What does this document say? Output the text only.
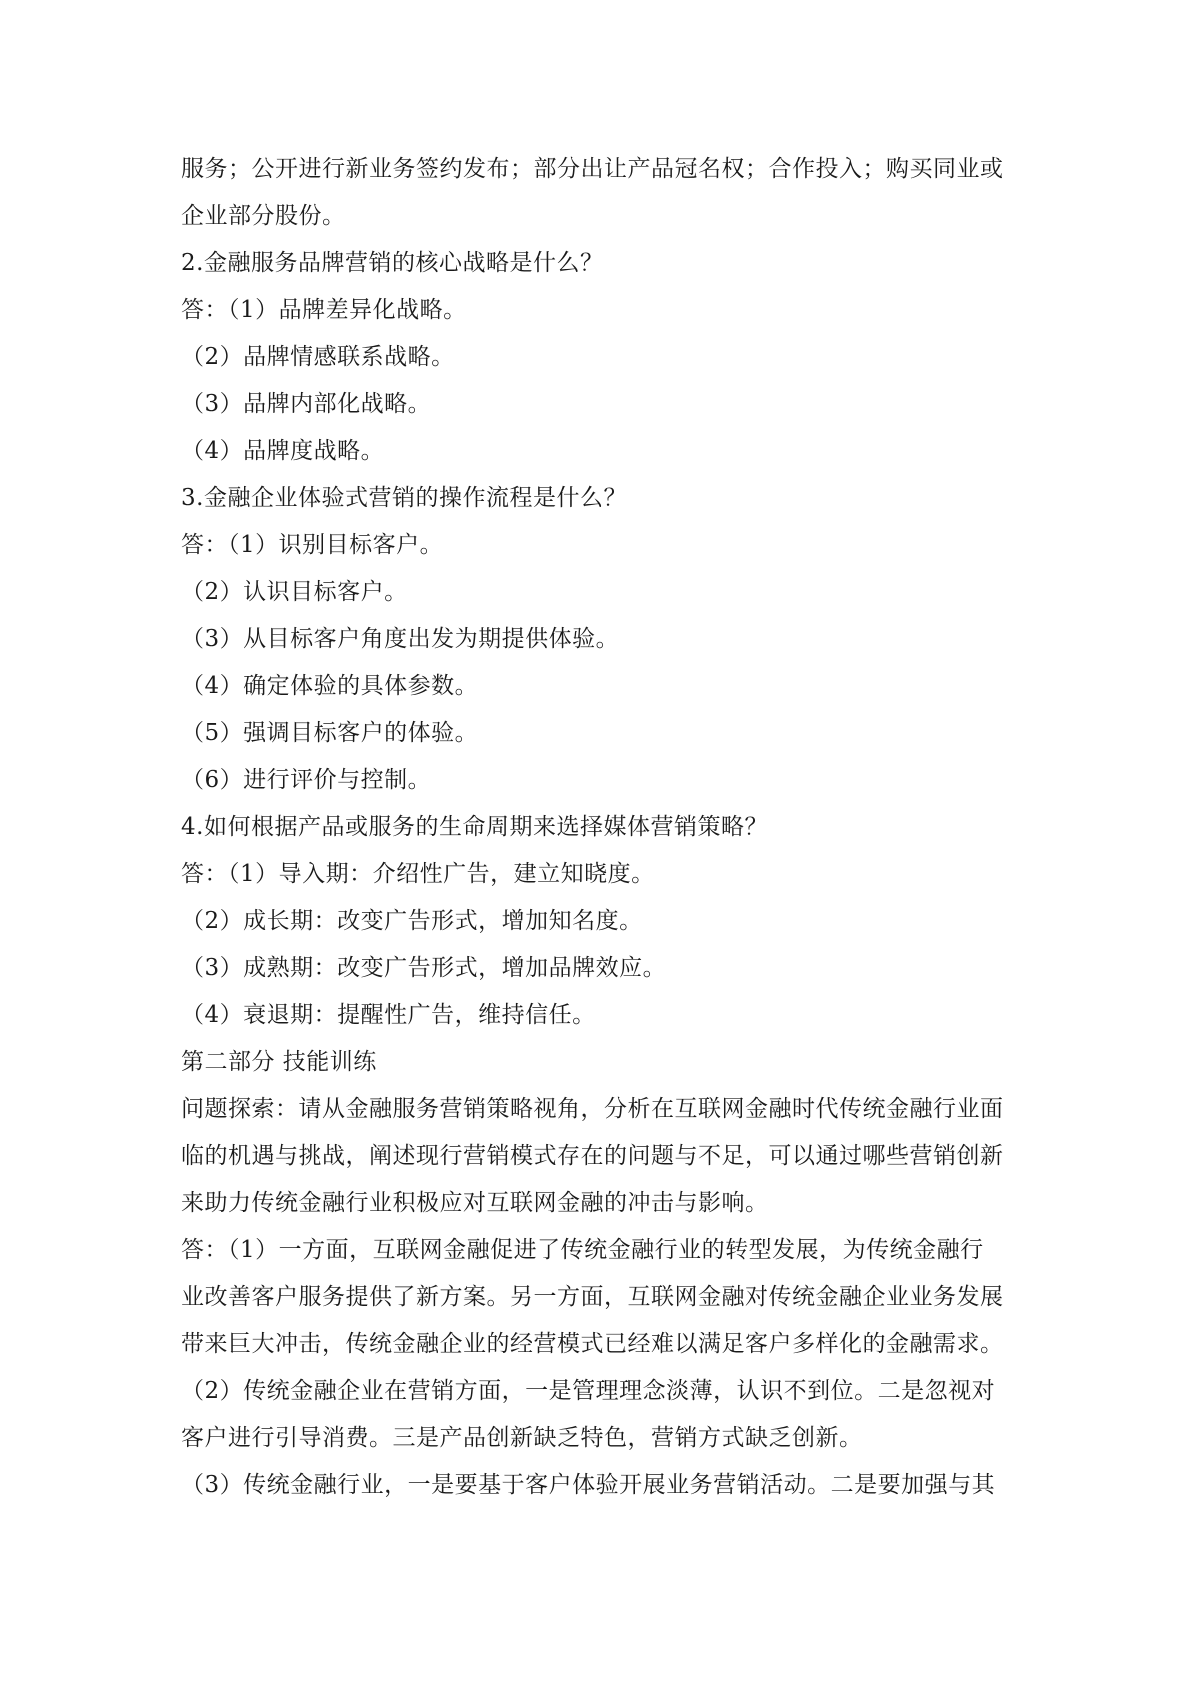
服务；公开进行新业务签约发布；部分出让产品冠名权；合作投入；购买同业或
企业部分股份。
2.金融服务品牌营销的核心战略是什么？
答：（1）品牌差异化战略。
（2）品牌情感联系战略。
（3）品牌内部化战略。
（4）品牌度战略。
3.金融企业体验式营销的操作流程是什么？
答：（1）识别目标客户。
（2）认识目标客户。
（3）从目标客户角度出发为期提供体验。
（4）确定体验的具体参数。
（5）强调目标客户的体验。
（6）进行评价与控制。
4.如何根据产品或服务的生命周期来选择媒体营销策略？
答：（1）导入期：介绍性广告，建立知晓度。
（2）成长期：改变广告形式，增加知名度。
（3）成熟期：改变广告形式，增加品牌效应。
（4）衰退期：提醒性广告，维持信任。
第二部分 技能训练
问题探索：请从金融服务营销策略视角，分析在互联网金融时代传统金融行业面
临的机遇与挑战，阐述现行营销模式存在的问题与不足，可以通过哪些营销创新
来助力传统金融行业积极应对互联网金融的冲击与影响。
答：（1）一方面，互联网金融促进了传统金融行业的转型发展，为传统金融行
业改善客户服务提供了新方案。另一方面，互联网金融对传统金融企业业务发展
带来巨大冲击，传统金融企业的经营模式已经难以满足客户多样化的金融需求。
（2）传统金融企业在营销方面，一是管理理念淡薄，认识不到位。二是忽视对
客户进行引导消费。三是产品创新缺乏特色，营销方式缺乏创新。
（3）传统金融行业，一是要基于客户体验开展业务营销活动。二是要加强与其
